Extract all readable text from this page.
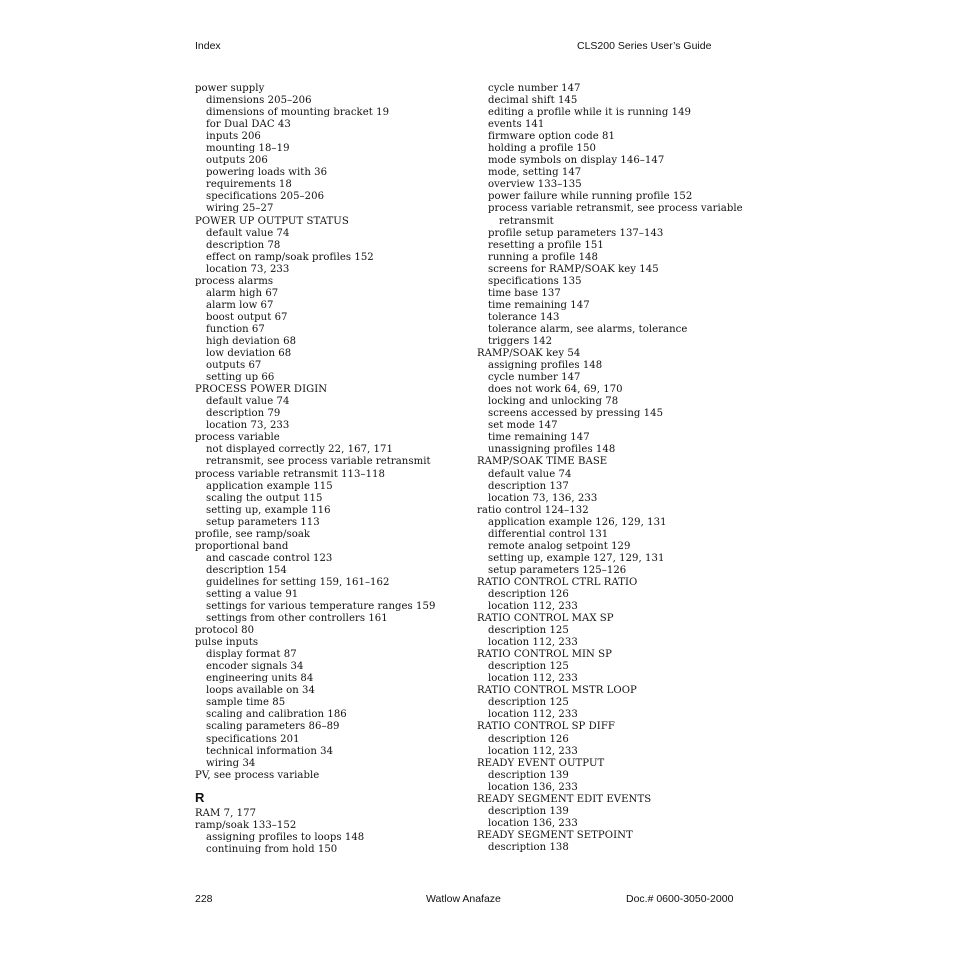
Index	CLS200 Series User’s Guide
power supply
dimensions 205–206
dimensions of mounting bracket 19
for Dual DAC 43
inputs 206
mounting 18–19
outputs 206
powering loads with 36
requirements 18
specifications 205–206
wiring 25–27
POWER UP OUTPUT STATUS
default value 74
description 78
effect on ramp/soak profiles 152
location 73, 233
process alarms
alarm high 67
alarm low 67
boost output 67
function 67
high deviation 68
low deviation 68
outputs 67
setting up 66
PROCESS POWER DIGIN
default value 74
description 79
location 73, 233
process variable
not displayed correctly 22, 167, 171
retransmit, see process variable retransmit
process variable retransmit 113–118
application example 115
scaling the output 115
setting up, example 116
setup parameters 113
profile, see ramp/soak
proportional band
and cascade control 123
description 154
guidelines for setting 159, 161–162
setting a value 91
settings for various temperature ranges 159
settings from other controllers 161
protocol 80
pulse inputs
display format 87
encoder signals 34
engineering units 84
loops available on 34
sample time 85
scaling and calibration 186
scaling parameters 86–89
specifications 201
technical information 34
wiring 34
PV, see process variable
R
RAM 7, 177
ramp/soak 133–152
assigning profiles to loops 148
continuing from hold 150
cycle number 147
decimal shift 145
editing a profile while it is running 149
events 141
firmware option code 81
holding a profile 150
mode symbols on display 146–147
mode, setting 147
overview 133–135
power failure while running profile 152
process variable retransmit, see process variable
retransmit
profile setup parameters 137–143
resetting a profile 151
running a profile 148
screens for RAMP/SOAK key 145
specifications 135
time base 137
time remaining 147
tolerance 143
tolerance alarm, see alarms, tolerance
triggers 142
RAMP/SOAK key 54
assigning profiles 148
cycle number 147
does not work 64, 69, 170
locking and unlocking 78
screens accessed by pressing 145
set mode 147
time remaining 147
unassigning profiles 148
RAMP/SOAK TIME BASE
default value 74
description 137
location 73, 136, 233
ratio control 124–132
application example 126, 129, 131
differential control 131
remote analog setpoint 129
setting up, example 127, 129, 131
setup parameters 125–126
RATIO CONTROL CTRL RATIO
description 126
location 112, 233
RATIO CONTROL MAX SP
description 125
location 112, 233
RATIO CONTROL MIN SP
description 125
location 112, 233
RATIO CONTROL MSTR LOOP
description 125
location 112, 233
RATIO CONTROL SP DIFF
description 126
location 112, 233
READY EVENT OUTPUT
description 139
location 136, 233
READY SEGMENT EDIT EVENTS
description 139
location 136, 233
READY SEGMENT SETPOINT
description 138
228	Watlow Anafaze	Doc.# 0600-3050-2000
